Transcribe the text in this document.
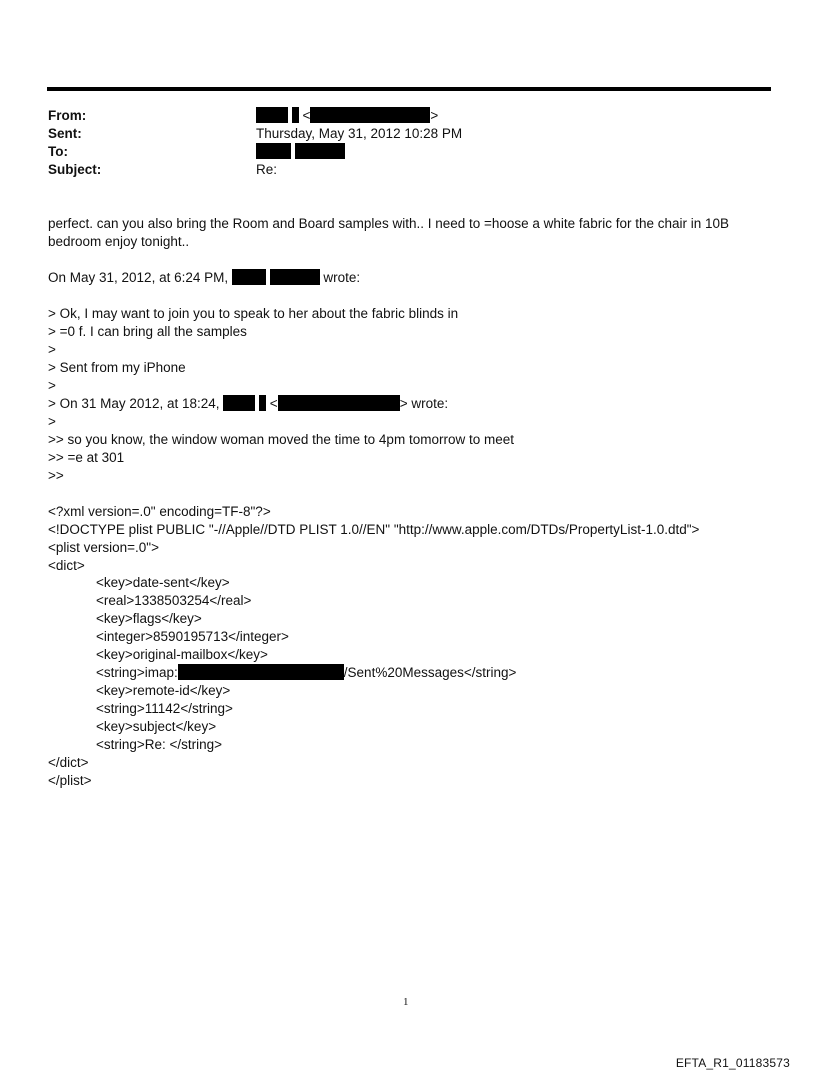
From:	<	>
Sent:	Thursday, May 31, 2012 10:28 PM
To:

Subject:	Re:
perfect. can you also bring the Room and Board samples with.. I need to =hoose a white fabric for the chair in 10B bedroom enjoy tonight..
On May 31, 2012, at 6:24 PM,	wrote:
> Ok, I may want to join you to speak to her about the fabric blinds in
> =0 f. I can bring all the samples
>
> Sent from my iPhone
>
> On 31 May 2012, at 18:24,	<	> wrote:
>
>> so you know, the window woman moved the time to 4pm tomorrow to meet
>> =e at 301
>>
<?xml version=.0" encoding=TF-8"?>
<!DOCTYPE plist PUBLIC "-//Apple//DTD PLIST 1.0//EN" "http://www.apple.com/DTDs/PropertyList-1.0.dtd">
<plist version=.0">
<dict>
<key>date-sent</key>
<real>1338503254</real>
<key>flags</key>
<integer>8590195713</integer>
<key>original-mailbox</key>
<string>imap:	/Sent%20Messages</string>
<key>remote-id</key>
<string>11142</string>
<key>subject</key>
<string>Re: </string>
</dict>
</plist>
1
EFTA_R1_01183573
